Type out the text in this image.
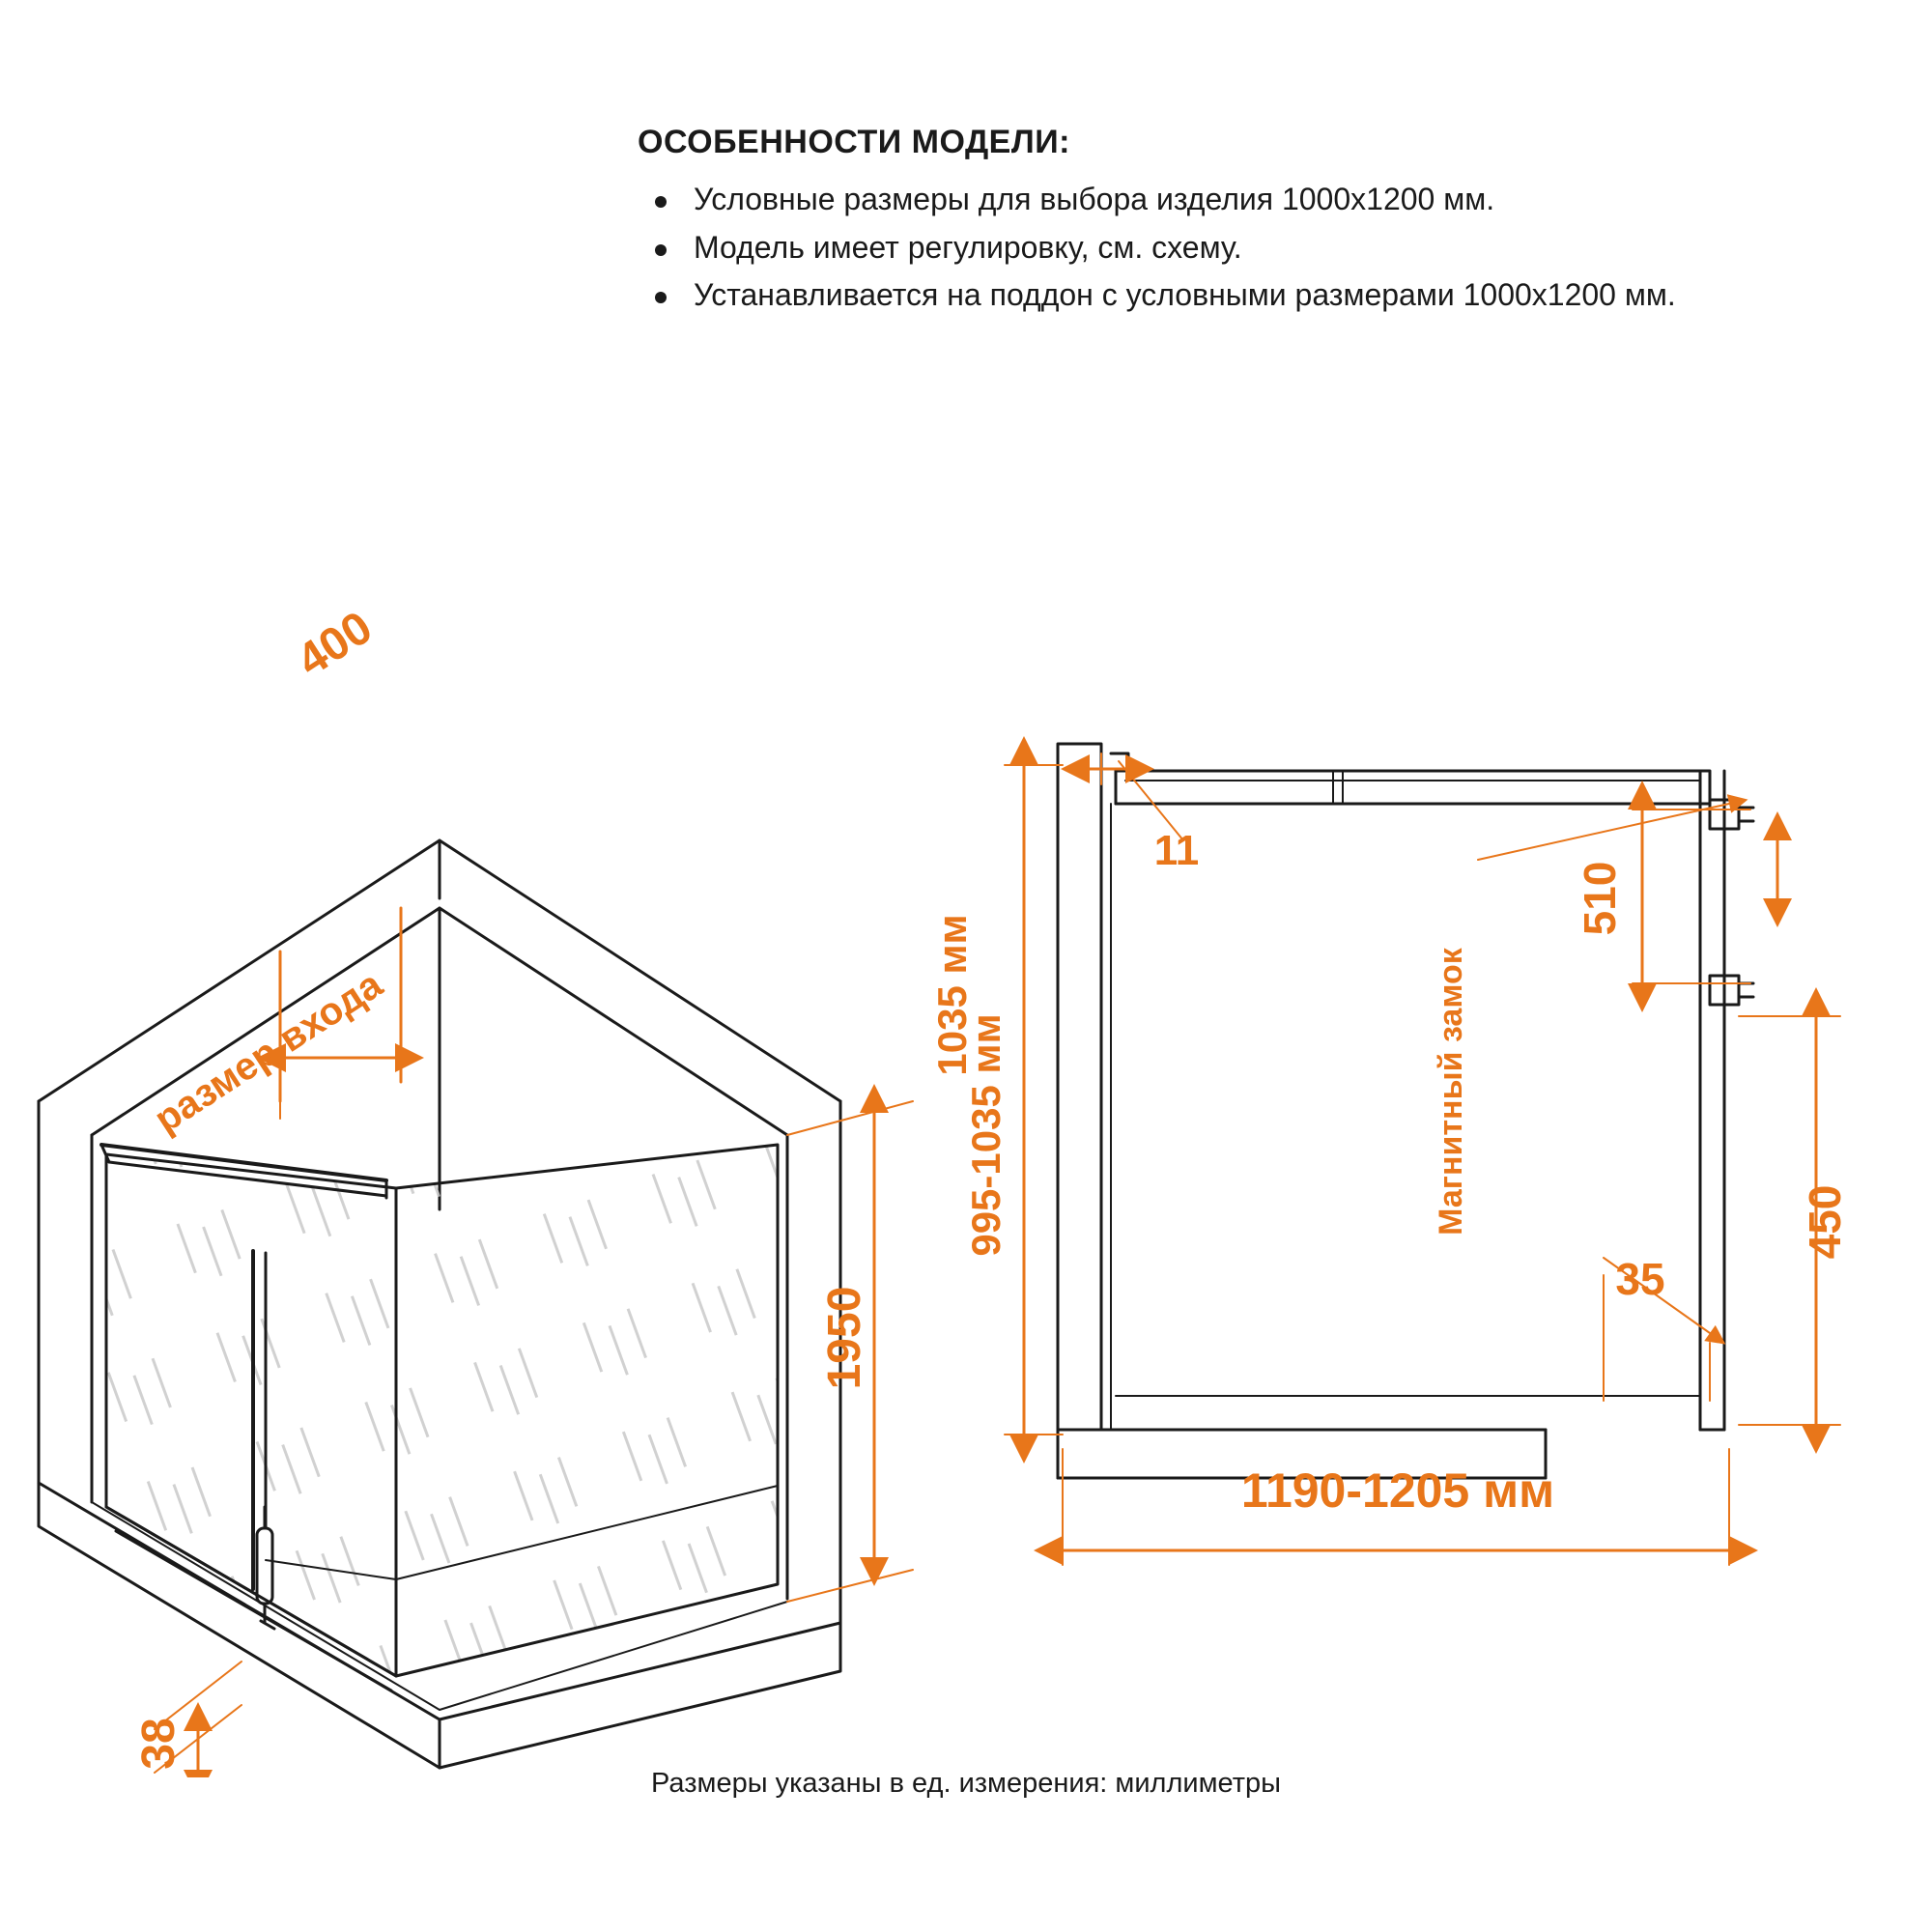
ОСОБЕННОСТИ МОДЕЛИ:
Условные размеры для выбора изделия 1000х1200 мм.
Модель имеет регулировку, см. схему.
Устанавливается на поддон с условными размерами 1000х1200 мм.
размер входа
400
1950
38
11
Магнитный замок
510
35
450
995-1035 мм
1035 мм
1190-1205 мм
Размеры указаны в ед. измерения: миллиметры
